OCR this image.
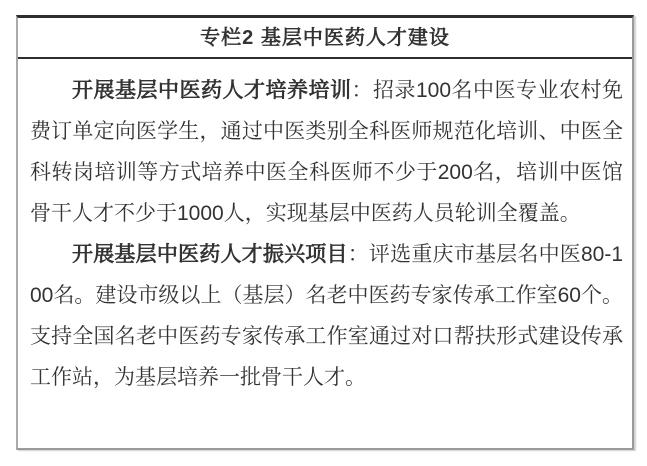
专栏2 基层中医药人才建设

开展基层中医药人才培养培训：招录100名中医专业农村免费订单定向医学生，通过中医类别全科医师规范化培训、中医全科转岗培训等方式培养中医全科医师不少于200名，培训中医馆骨干人才不少于1000人，实现基层中医药人员轮训全覆盖。

开展基层中医药人才振兴项目：评选重庆市基层名中医80-100名。建设市级以上（基层）名老中医药专家传承工作室60个。支持全国名老中医药专家传承工作室通过对口帮扶形式建设传承工作站，为基层培养一批骨干人才。
